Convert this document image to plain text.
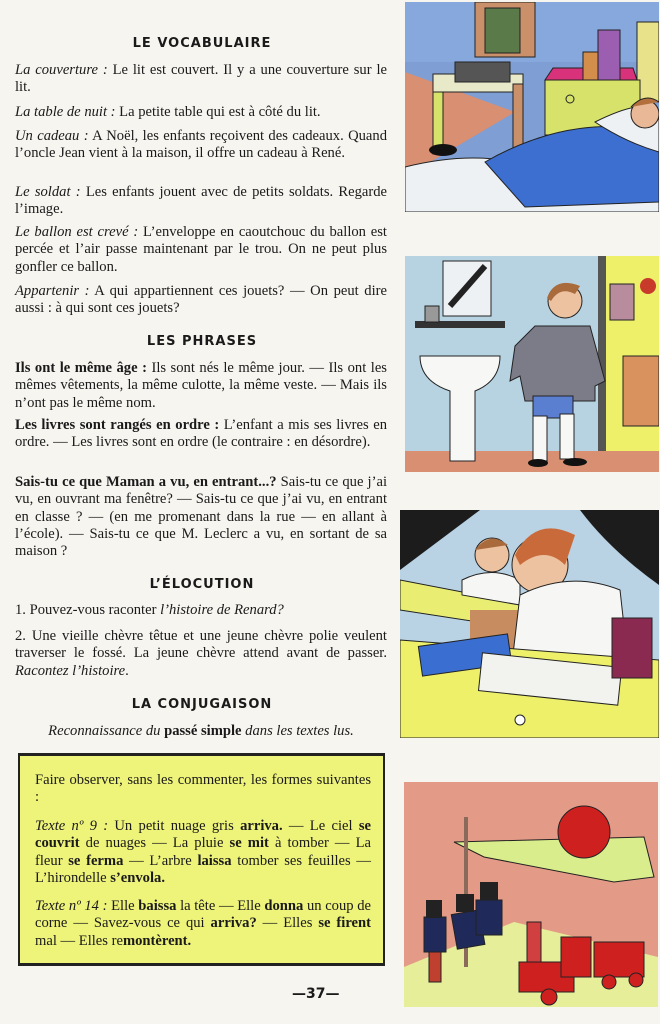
LE VOCABULAIRE
La couverture : Le lit est couvert. Il y a une couverture sur le lit.
La table de nuit : La petite table qui est à côté du lit.
Un cadeau : A Noël, les enfants reçoivent des cadeaux. Quand l’oncle Jean vient à la maison, il offre un cadeau à René.
Le soldat : Les enfants jouent avec de petits soldats. Regarde l’image.
Le ballon est crevé : L’enveloppe en caoutchouc du ballon est percée et l’air passe maintenant par le trou. On ne peut plus gonfler ce ballon.
Appartenir : A qui appartiennent ces jouets? — On peut dire aussi : à qui sont ces jouets?
LES PHRASES
Ils ont le même âge : Ils sont nés le même jour. — Ils ont les mêmes vêtements, la même culotte, la même veste. — Mais ils n’ont pas le même nom.
Les livres sont rangés en ordre : L’enfant a mis ses livres en ordre. — Les livres sont en ordre (le contraire : en désordre).
Sais-tu ce que Maman a vu, en entrant...? Sais-tu ce que j’ai vu, en ouvrant ma fenêtre? — Sais-tu ce que j’ai vu, en entrant en classe ? — (en me promenant dans la rue — en allant à l’école). — Sais-tu ce que M. Leclerc a vu, en sortant de sa maison ?
L’ÉLOCUTION
1. Pouvez-vous raconter l’histoire de Renard?
2. Une vieille chèvre têtue et une jeune chèvre polie veulent traverser le fossé. La jeune chèvre attend avant de passer. Racontez l’histoire.
LA CONJUGAISON
Reconnaissance du passé simple dans les textes lus.
Faire observer, sans les commenter, les formes suivantes :
Texte nº 9 : Un petit nuage gris arriva. — Le ciel se couvrit de nuages — La pluie se mit à tomber — La fleur se ferma — L’arbre laissa tomber ses feuilles — L’hirondelle s’envola.
Texte nº 14 : Elle baissa la tête — Elle donna un coup de corne — Savez-vous ce qui arriva? — Elles se firent mal — Elles remontèrent.
—37—
